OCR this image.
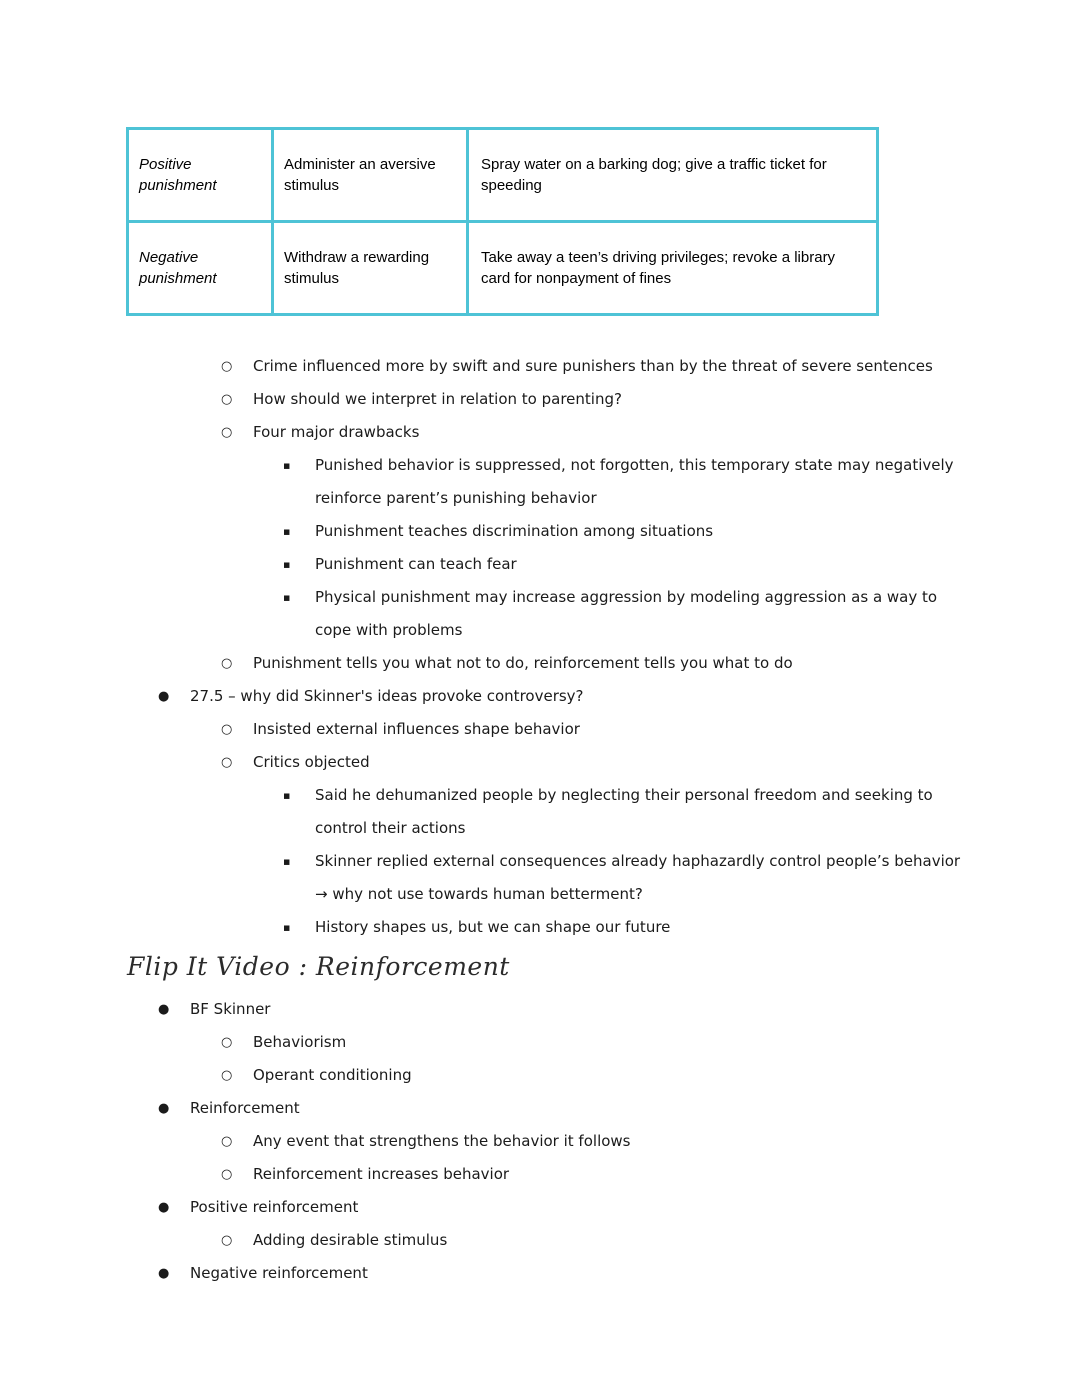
Positive punishment	Administer an aversive stimulus	Spray water on a barking dog; give a traffic ticket for speeding
Negative punishment	Withdraw a rewarding stimulus	Take away a teen’s driving privileges; revoke a library card for nonpayment of fines
○	Crime influenced more by swift and sure punishers than by the threat of severe sentences
○	How should we interpret in relation to parenting?
○	Four major drawbacks
▪	Punished behavior is suppressed, not forgotten, this temporary state may negatively reinforce parent’s punishing behavior
▪	Punishment teaches discrimination among situations
▪	Punishment can teach fear
▪	Physical punishment may increase aggression by modeling aggression as a way to cope with problems
○	Punishment tells you what not to do, reinforcement tells you what to do
●	27.5 – why did Skinner's ideas provoke controversy?
○	Insisted external influences shape behavior
○	Critics objected
▪	Said he dehumanized people by neglecting their personal freedom and seeking to control their actions
▪	Skinner replied external consequences already haphazardly control people’s behavior → why not use towards human betterment?
▪	History shapes us, but we can shape our future
Flip It Video : Reinforcement
●	BF Skinner
○	Behaviorism
○	Operant conditioning
●	Reinforcement
○	Any event that strengthens the behavior it follows
○	Reinforcement increases behavior
●	Positive reinforcement
○	Adding desirable stimulus
●	Negative reinforcement
